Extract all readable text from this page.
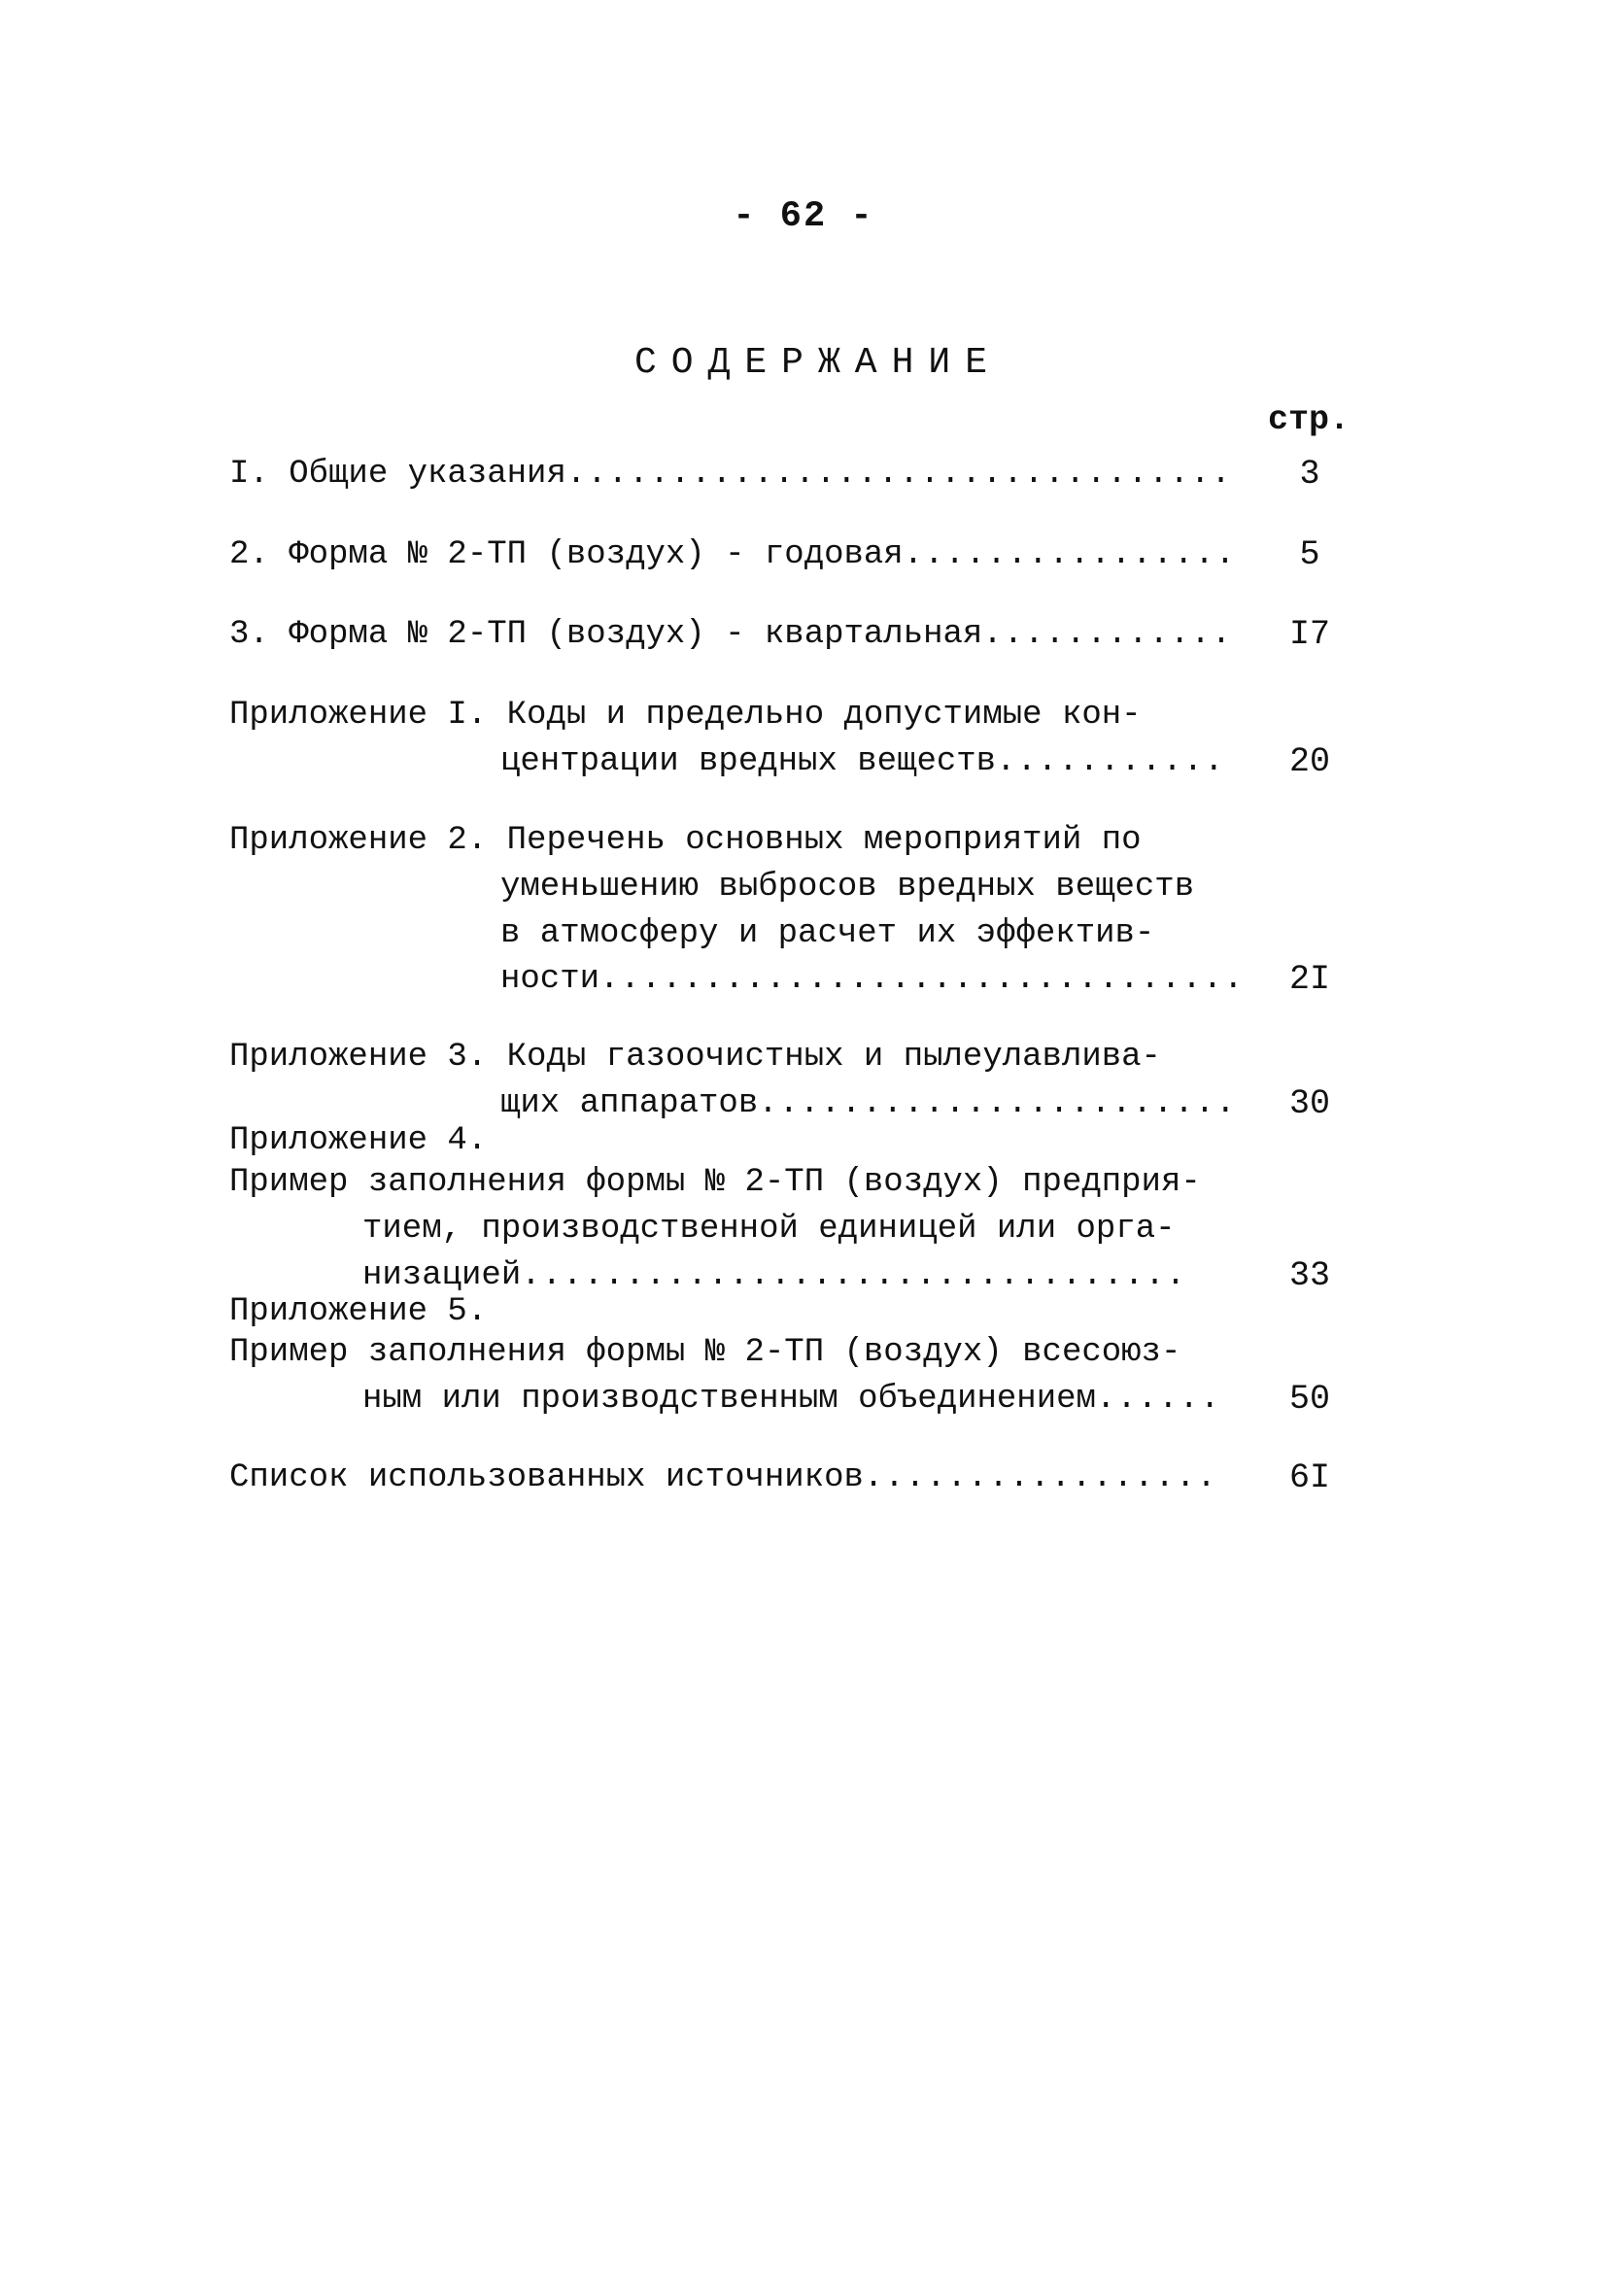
- 62 -
СОДЕРЖАНИЕ
стр.
I. Общие указания................................	3
2. Форма № 2-ТП (воздух) - годовая................	5
3. Форма № 2-ТП (воздух) - квартальная............	I7
Приложение I. Коды и предельно допустимые кон-
центрации вредных веществ...........	20
Приложение 2. Перечень основных мероприятий по
уменьшению выбросов вредных веществ
в атмосферу и расчет их эффектив-
ности...............................	2I
Приложение 3. Коды газоочистных и пылеулавлива-
щих аппаратов.......................	30
Приложение 4.
Пример заполнения формы № 2-ТП (воздух) предприя-
тием, производственной единицей или орга-
низацией................................	33
Приложение 5.
Пример заполнения формы № 2-ТП (воздух) всесоюз-
ным или производственным объединением......	50
Список использованных источников.................	6I
